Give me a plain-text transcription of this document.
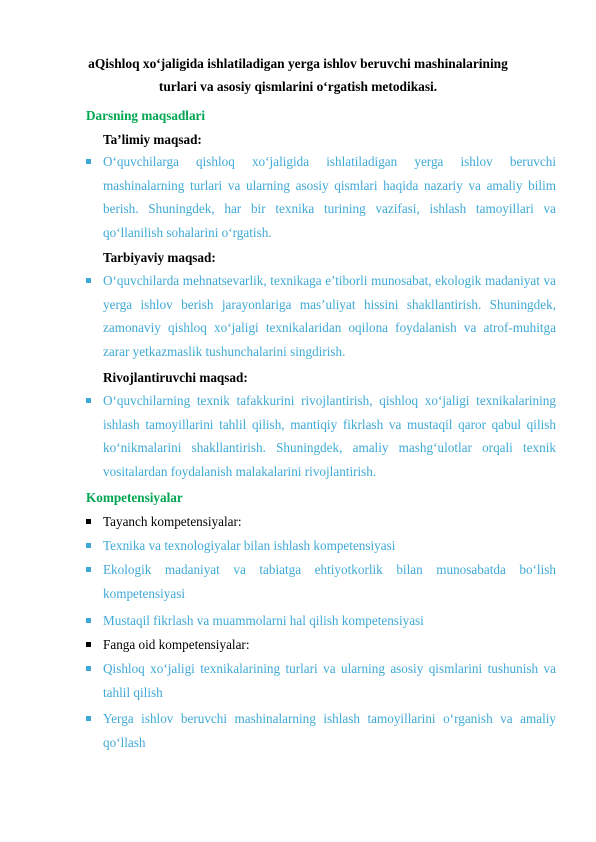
aQishloq xo‘jaligida ishlatiladigan yerga ishlov beruvchi mashinalarining
turlari va asosiy qismlarini o‘rgatish metodikasi.
Darsning maqsadlari
Ta’limiy maqsad:
O‘quvchilarga qishloq xo‘jaligida ishlatiladigan yerga ishlov beruvchi mashinalarning turlari va ularning asosiy qismlari haqida nazariy va amaliy bilim berish. Shuningdek, har bir texnika turining vazifasi, ishlash tamoyillari va qo‘llanilish sohalarini o‘rgatish.
Tarbiyaviy maqsad:
O‘quvchilarda mehnatsevarlik, texnikaga e’tiborli munosabat, ekologik madaniyat va yerga ishlov berish jarayonlariga mas’uliyat hissini shakllantirish. Shuningdek, zamonaviy qishloq xo‘jaligi texnikalaridan oqilona foydalanish va atrof-muhitga zarar yetkazmaslik tushunchalarini singdirish.
Rivojlantiruvchi maqsad:
O‘quvchilarning texnik tafakkurini rivojlantirish, qishloq xo‘jaligi texnikalarining ishlash tamoyillarini tahlil qilish, mantiqiy fikrlash va mustaqil qaror qabul qilish ko‘nikmalarini shakllantirish. Shuningdek, amaliy mashg‘ulotlar orqali texnik vositalardan foydalanish malakalarini rivojlantirish.
Kompetensiyalar
Tayanch kompetensiyalar:
Texnika va texnologiyalar bilan ishlash kompetensiyasi
Ekologik madaniyat va tabiatga ehtiyotkorlik bilan munosabatda bo‘lish kompetensiyasi
Mustaqil fikrlash va muammolarni hal qilish kompetensiyasi
Fanga oid kompetensiyalar:
Qishloq xo‘jaligi texnikalarining turlari va ularning asosiy qismlarini tushunish va tahlil qilish
Yerga ishlov beruvchi mashinalarning ishlash tamoyillarini o‘rganish va amaliy qo‘llash
